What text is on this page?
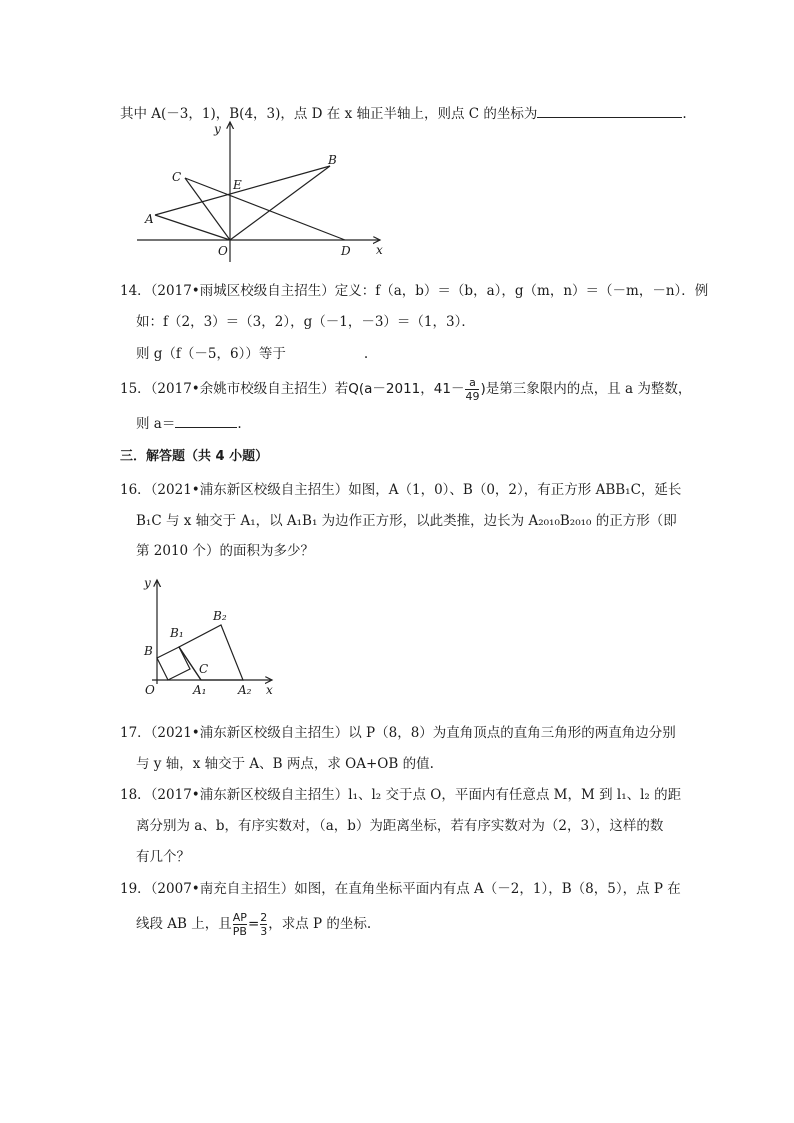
其中 A(－3，1)，B(4，3)，点 D 在 x 轴正半轴上，则点 C 的坐标为	.
y
x
C
E
B
A
O	D
14．（2017•雨城区校级自主招生）定义：f（a，b）＝（b，a），g（m，n）＝（－m，－n）．例
如：f（2，3）＝（3，2），g（－1，－3）＝（1，3）．
则 g（f（－5，6））等于	.
15．（2017•余姚市校级自主招生）若Q(a－2011，$41- \frac{a}{49}$ )是第三象限内的点，且 a 为整数，
则 a＝	.
三．解答题（共 4 小题）
16．（2021•浦东新区校级自主招生）如图，A（1，0）、B（0，2），有正方形 ABB₁C，延长
B₁C 与 x 轴交于 A₁，以 A₁B₁ 为边作正方形，以此类推，边长为 A₂₀₁₀B₂₀₁₀ 的正方形（即
第 2010 个）的面积为多少？
y
x
B
B₁
B₂
C
O	A₁	A₂
17．（2021•浦东新区校级自主招生）以 P（8，8）为直角顶点的直角三角形的两直角边分别
与 y 轴，x 轴交于 A、B 两点，求 OA+OB 的值.
18．（2017•浦东新区校级自主招生）l₁、l₂ 交于点 O，平面内有任意点 M，M 到 l₁、l₂ 的距
离分别为 a、b，有序实数对，（a，b）为距离坐标，若有序实数对为（2，3），这样的数
有几个？
19．（2007•南充自主招生）如图，在直角坐标平面内有点 A（－2，1），B（8，5），点 P 在
线段 AB 上，且 $\frac{AP}{PB} = \frac{2}{3}$ ，求点 P 的坐标.
